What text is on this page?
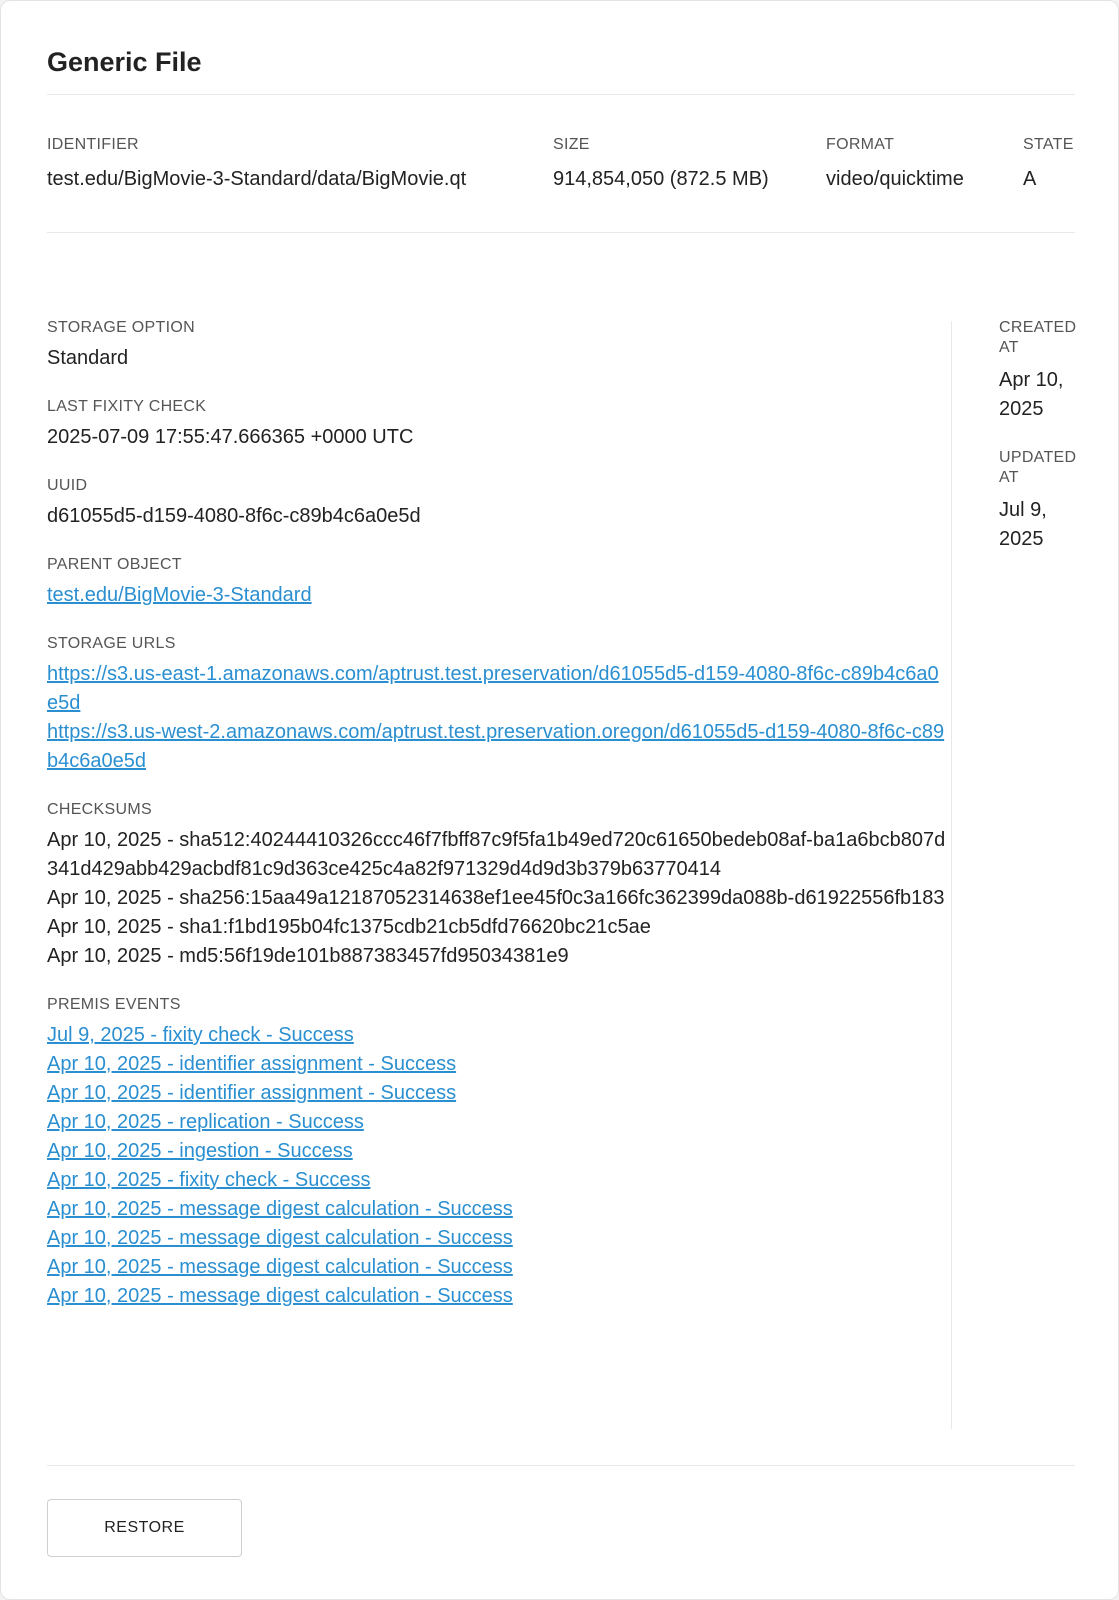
Generic File
IDENTIFIER
test.edu/BigMovie-3-Standard/data/BigMovie.qt
SIZE
914,854,050 (872.5 MB)
FORMAT
video/quicktime
STATE
A
STORAGE OPTION
Standard
LAST FIXITY CHECK
2025-07-09 17:55:47.666365 +0000 UTC
UUID
d61055d5-d159-4080-8f6c-c89b4c6a0e5d
PARENT OBJECT
test.edu/BigMovie-3-Standard
STORAGE URLS
https://s3.us-east-1.amazonaws.com/aptrust.test.preservation/d61055d5-d159-4080-8f6c-c89b4c6a0e5d
https://s3.us-west-2.amazonaws.com/aptrust.test.preservation.oregon/d61055d5-d159-4080-8f6c-c89b4c6a0e5d
CHECKSUMS
Apr 10, 2025 - sha512:40244410326ccc46f7fbff87c9f5fa1b49ed720c61650bedeb08af-ba1a6bcb807d341d429abb429acbdf81c9d363ce425c4a82f971329d4d9d3b379b63770414
Apr 10, 2025 - sha256:15aa49a12187052314638ef1ee45f0c3a166fc362399da088b-d61922556fb183
Apr 10, 2025 - sha1:f1bd195b04fc1375cdb21cb5dfd76620bc21c5ae
Apr 10, 2025 - md5:56f19de101b887383457fd95034381e9
PREMIS EVENTS
Jul 9, 2025 - fixity check - Success
Apr 10, 2025 - identifier assignment - Success
Apr 10, 2025 - identifier assignment - Success
Apr 10, 2025 - replication - Success
Apr 10, 2025 - ingestion - Success
Apr 10, 2025 - fixity check - Success
Apr 10, 2025 - message digest calculation - Success
Apr 10, 2025 - message digest calculation - Success
Apr 10, 2025 - message digest calculation - Success
Apr 10, 2025 - message digest calculation - Success
CREATED AT
Apr 10, 2025
UPDATED AT
Jul 9, 2025
RESTORE
